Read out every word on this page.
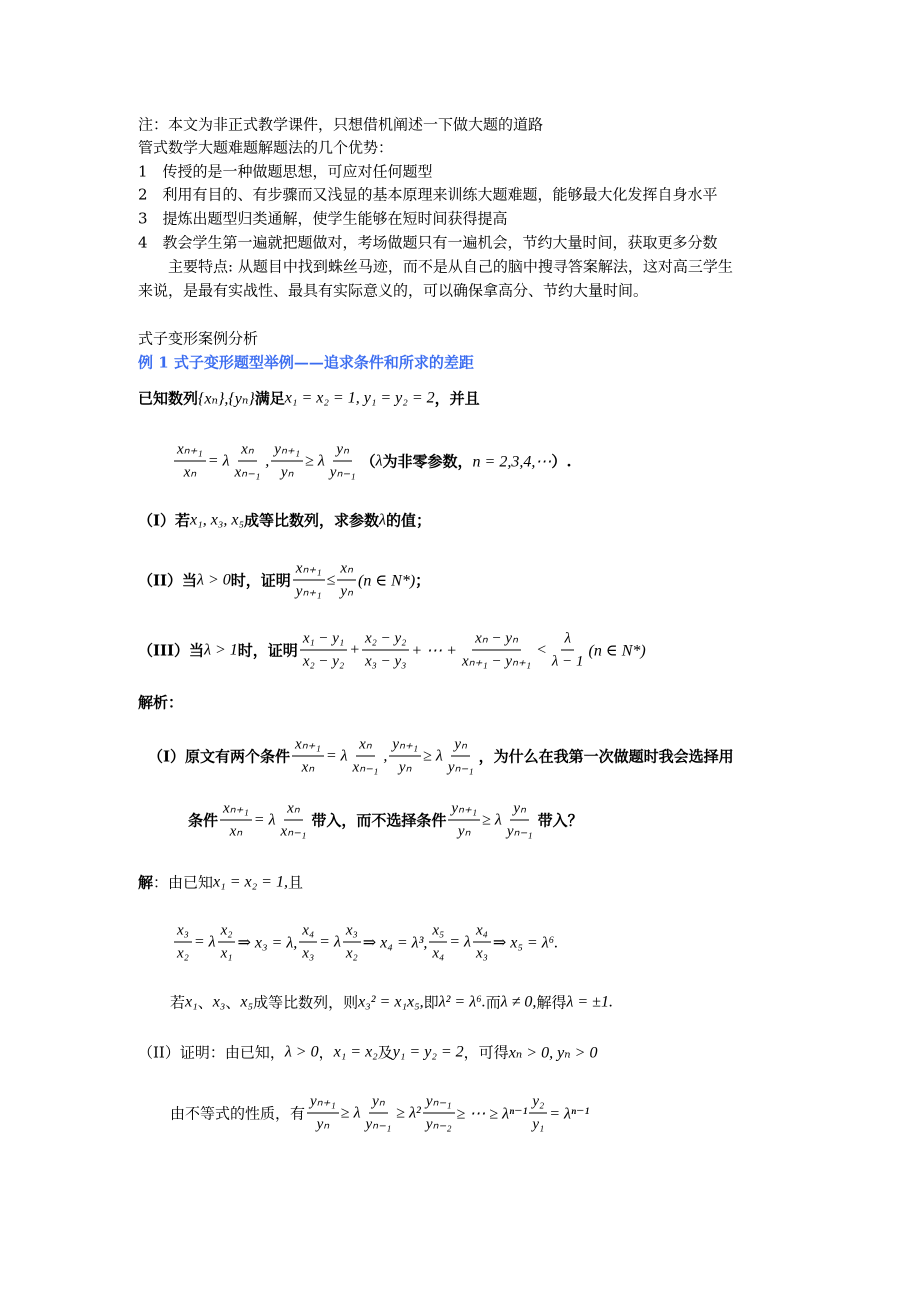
注：本文为非正式教学课件，只想借机阐述一下做大题的道路
管式数学大题难题解题法的几个优势：
1　传授的是一种做题思想，可应对任何题型
2　利用有目的、有步骤而又浅显的基本原理来训练大题难题，能够最大化发挥自身水平
3　提炼出题型归类通解，使学生能够在短时间获得提高
4　教会学生第一遍就把题做对，考场做题只有一遍机会，节约大量时间，获取更多分数
　　主要特点: 从题目中找到蛛丝马迹，而不是从自己的脑中搜寻答案解法，这对高三学生
来说，是最有实战性、最具有实际意义的，可以确保拿高分、节约大量时间。
式子变形案例分析
例 1 式子变形题型举例——追求条件和所求的差距
已知数列 {xₙ},{yₙ} 满足 x₁ = x₂ = 1, y₁ = y₂ = 2 ，并且
$\frac{\text{xₙ₊₁}}{\text{xₙ}} = \lambda \frac{\text{xₙ}}{\text{xₙ₋₁}}$ , $\frac{\text{yₙ₊₁}}{\text{yₙ}} \ge \lambda \frac{\text{yₙ}}{\text{yₙ₋₁}}$ （ λ 为非零参数， n = 2,3,4,⋯ ）.
（I）若 x₁, x₃, x₅ 成等比数列，求参数 λ 的值；
（II）当 λ > 0 时，证明 $\frac{\text{xₙ₊₁}}{\text{yₙ₊₁}} \le \frac{\text{xₙ}}{\text{yₙ}} (n$ ∈ N*) ；
（III）当 λ > 1 时，证明 $\frac{\text{x₁ − y₁}}{\text{x₂ − y₂}} + \frac{\text{x₂ − y₂}}{\text{x₃ − y₃}}$ + ⋯ + $\frac{\text{xₙ − yₙ}}{\text{xₙ₊₁ − yₙ₊₁}} < \frac{\lambda}{\lambda - 1} (n$ ∈ N*)
解析：
（I）原文有两个条件 $\frac{\text{xₙ₊₁}}{\text{xₙ}} = \lambda \frac{\text{xₙ}}{\text{xₙ₋₁}}$ , $\frac{\text{yₙ₊₁}}{\text{yₙ}} \ge \lambda \frac{\text{yₙ}}{\text{yₙ₋₁}}$ ，为什么在我第一次做题时我会选择用
条件 $\frac{\text{xₙ₊₁}}{\text{xₙ}} = \lambda \frac{\text{xₙ}}{\text{xₙ₋₁}}$ 带入，而不选择条件 $\frac{\text{yₙ₊₁}}{\text{yₙ}} \ge \lambda \frac{\text{yₙ}}{\text{yₙ₋₁}}$ 带入？
解 ：由已知 x₁ = x₂ = 1, 且
$\frac{\text{x₃}}{\text{x₂}} = \lambda \frac{\text{x₂}}{\text{x₁}}$ ⇒ x₃ = λ, $\frac{\text{x₄}}{\text{x₃}} = \lambda \frac{\text{x₃}}{\text{x₂}}$ ⇒ x₄ = λ³, $\frac{\text{x₅}}{\text{x₄}} = \lambda \frac{\text{x₄}}{\text{x₃}}$ ⇒ x₅ = λ⁶.
若 x₁ 、 x₃ 、 x₅ 成等比数列，则 x₃² = x₁x₅, 即 λ² = λ⁶. 而 λ ≠ 0, 解得 λ = ±1.
（II）证明：由已知， λ > 0 ， x₁ = x₂ 及 y₁ = y₂ = 2 ，可得 xₙ > 0, yₙ > 0
由不等式的性质，有 $\frac{\text{yₙ₊₁}}{\text{yₙ}} \ge \lambda \frac{\text{yₙ}}{\text{yₙ₋₁}} \ge \lambda^2 \frac{\text{yₙ₋₁}}{\text{yₙ₋₂}}$ ≥ ⋯ ≥ $\lambda^{n-1} \frac{\text{y₂}}{\text{y₁}} = \lambda^{n-1}$
